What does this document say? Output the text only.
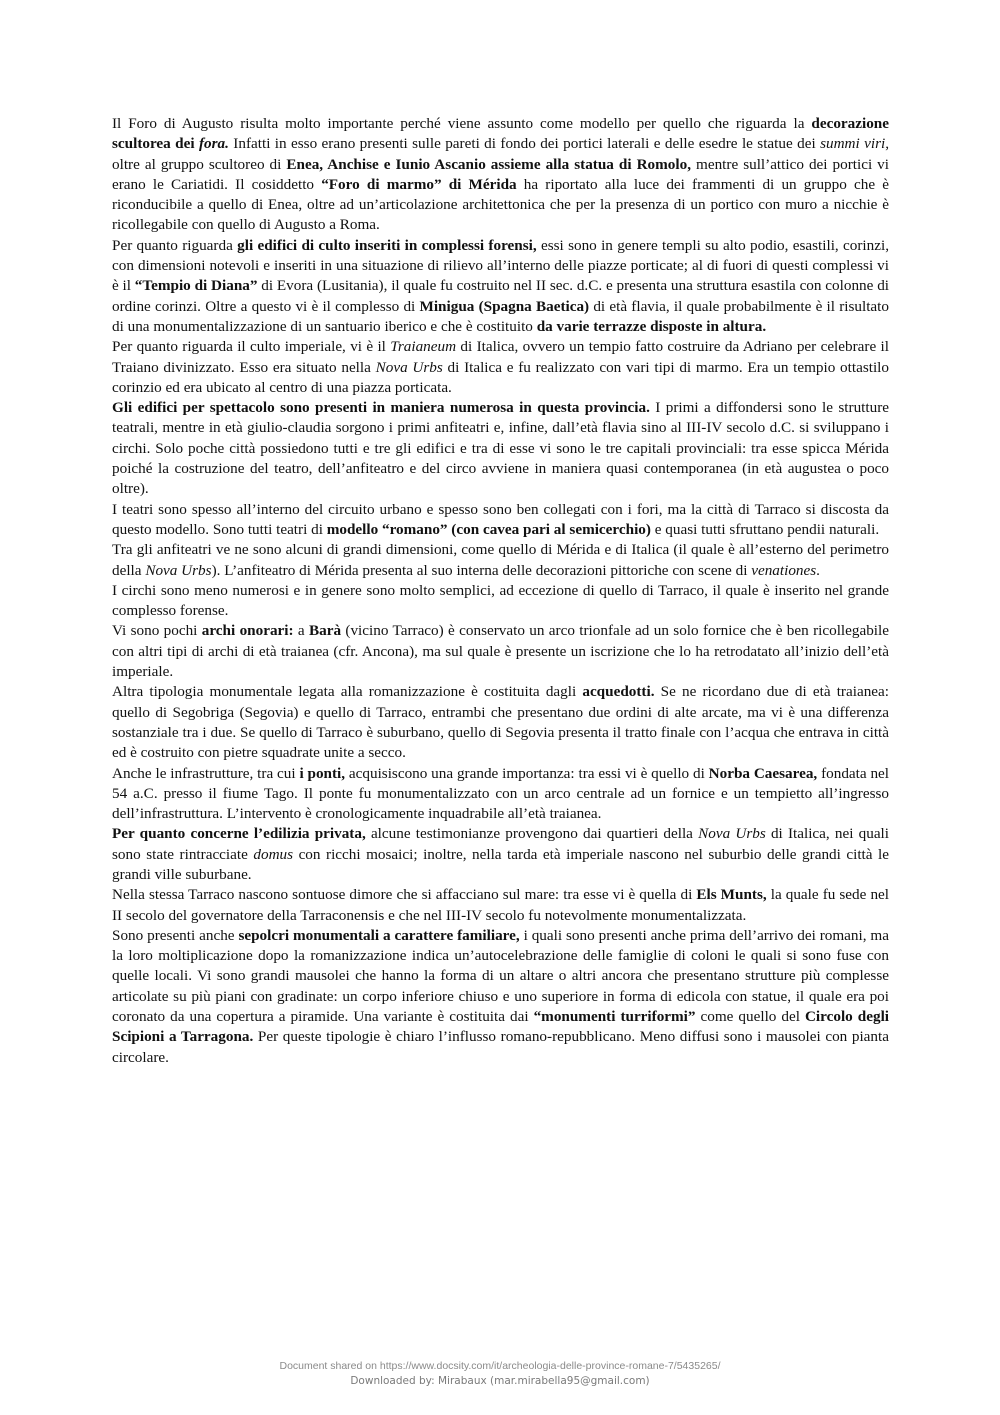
Il Foro di Augusto risulta molto importante perché viene assunto come modello per quello che riguarda la decorazione scultorea dei fora. Infatti in esso erano presenti sulle pareti di fondo dei portici laterali e delle esedre le statue dei summi viri, oltre al gruppo scultoreo di Enea, Anchise e Iunio Ascanio assieme alla statua di Romolo, mentre sull’attico dei portici vi erano le Cariatidi. Il cosiddetto “Foro di marmo” di Mérida ha riportato alla luce dei frammenti di un gruppo che è riconducibile a quello di Enea, oltre ad un’articolazione architettonica che per la presenza di un portico con muro a nicchie è ricollegabile con quello di Augusto a Roma.

Per quanto riguarda gli edifici di culto inseriti in complessi forensi, essi sono in genere templi su alto podio, esastili, corinzi, con dimensioni notevoli e inseriti in una situazione di rilievo all’interno delle piazze porticate; al di fuori di questi complessi vi è il “Tempio di Diana” di Evora (Lusitania), il quale fu costruito nel II sec. d.C. e presenta una struttura esastila con colonne di ordine corinzi. Oltre a questo vi è il complesso di Minigua (Spagna Baetica) di età flavia, il quale probabilmente è il risultato di una monumentalizzazione di un santuario iberico e che è costituito da varie terrazze disposte in altura.

Per quanto riguarda il culto imperiale, vi è il Traianeum di Italica, ovvero un tempio fatto costruire da Adriano per celebrare il Traiano divinizzato. Esso era situato nella Nova Urbs di Italica e fu realizzato con vari tipi di marmo. Era un tempio ottastilo corinzio ed era ubicato al centro di una piazza porticata.

Gli edifici per spettacolo sono presenti in maniera numerosa in questa provincia. I primi a diffondersi sono le strutture teatrali, mentre in età giulio-claudia sorgono i primi anfiteatri e, infine, dall’età flavia sino al III-IV secolo d.C. si sviluppano i circhi. Solo poche città possiedono tutti e tre gli edifici e tra di esse vi sono le tre capitali provinciali: tra esse spicca Mérida poiché la costruzione del teatro, dell’anfiteatro e del circo avviene in maniera quasi contemporanea (in età augustea o poco oltre).

I teatri sono spesso all’interno del circuito urbano e spesso sono ben collegati con i fori, ma la città di Tarraco si discosta da questo modello. Sono tutti teatri di modello “romano” (con cavea pari al semicerchio) e quasi tutti sfruttano pendii naturali.

Tra gli anfiteatri ve ne sono alcuni di grandi dimensioni, come quello di Mérida e di Italica (il quale è all’esterno del perimetro della Nova Urbs). L’anfiteatro di Mérida presenta al suo interna delle decorazioni pittoriche con scene di venationes.

I circhi sono meno numerosi e in genere sono molto semplici, ad eccezione di quello di Tarraco, il quale è inserito nel grande complesso forense.

Vi sono pochi archi onorari: a Barà (vicino Tarraco) è conservato un arco trionfale ad un solo fornice che è ben ricollegabile con altri tipi di archi di età traianea (cfr. Ancona), ma sul quale è presente un iscrizione che lo ha retrodatato all’inizio dell’età imperiale.

Altra tipologia monumentale legata alla romanizzazione è costituita dagli acquedotti. Se ne ricordano due di età traianea: quello di Segobriga (Segovia) e quello di Tarraco, entrambi che presentano due ordini di alte arcate, ma vi è una differenza sostanziale tra i due. Se quello di Tarraco è suburbano, quello di Segovia presenta il tratto finale con l’acqua che entrava in città ed è costruito con pietre squadrate unite a secco.

Anche le infrastrutture, tra cui i ponti, acquisiscono una grande importanza: tra essi vi è quello di Norba Caesarea, fondata nel 54 a.C. presso il fiume Tago. Il ponte fu monumentalizzato con un arco centrale ad un fornice e un tempietto all’ingresso dell’infrastruttura. L’intervento è cronologicamente inquadrabile all’età traianea.

Per quanto concerne l’edilizia privata, alcune testimonianze provengono dai quartieri della Nova Urbs di Italica, nei quali sono state rintracciate domus con ricchi mosaici; inoltre, nella tarda età imperiale nascono nel suburbio delle grandi città le grandi ville suburbane.

Nella stessa Tarraco nascono sontuose dimore che si affacciano sul mare: tra esse vi è quella di Els Munts, la quale fu sede nel II secolo del governatore della Tarraconensis e che nel III-IV secolo fu notevolmente monumentalizzata.

Sono presenti anche sepolcri monumentali a carattere familiare, i quali sono presenti anche prima dell’arrivo dei romani, ma la loro moltiplicazione dopo la romanizzazione indica un’autocelebrazione delle famiglie di coloni le quali si sono fuse con quelle locali. Vi sono grandi mausolei che hanno la forma di un altare o altri ancora che presentano strutture più complesse articolate su più piani con gradinate: un corpo inferiore chiuso e uno superiore in forma di edicola con statue, il quale era poi coronato da una copertura a piramide. Una variante è costituita dai “monumenti turriformi” come quello del Circolo degli Scipioni a Tarragona. Per queste tipologie è chiaro l’influsso romano-repubblicano. Meno diffusi sono i mausolei con pianta circolare.

Document shared on https://www.docsity.com/it/archeologia-delle-province-romane-7/5435265/
Downloaded by: Mirabaux (mar.mirabella95@gmail.com)
